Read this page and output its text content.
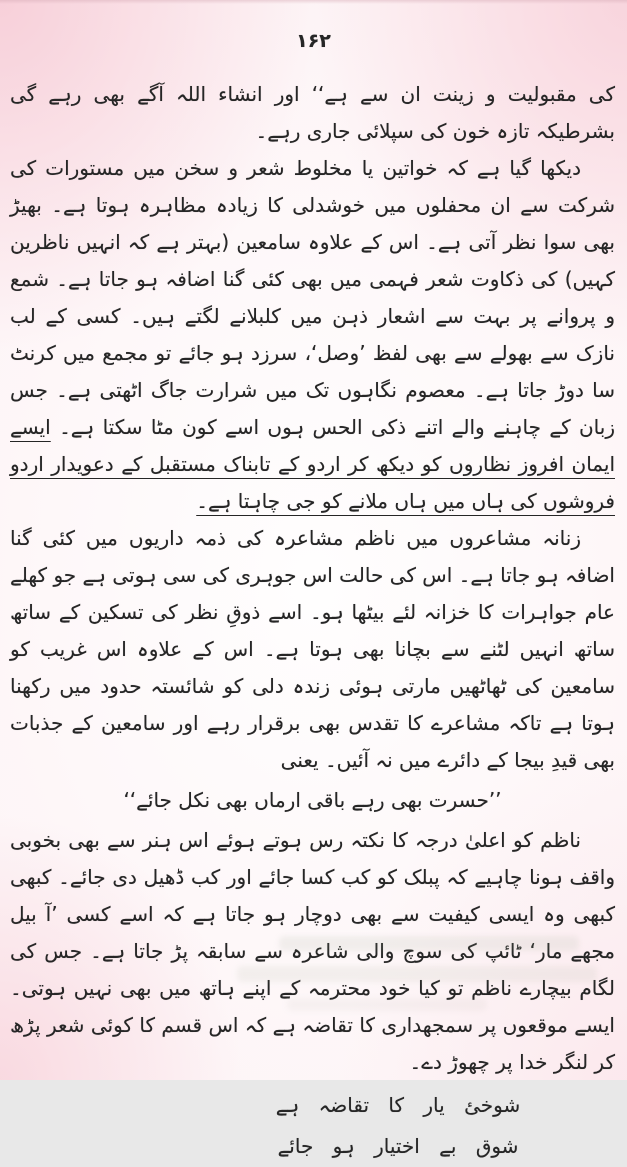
۱۶۲

کی مقبولیت و زینت ان سے ہے‘‘ اور انشاء اللہ آگے بھی رہے گی بشرطیکہ تازہ خون کی سپلائی جاری رہے۔

دیکھا گیا ہے کہ خواتین یا مخلوط شعر و سخن میں مستورات کی شرکت سے ان محفلوں میں خوشدلی کا زیادہ مظاہرہ ہوتا ہے۔ بھیڑ بھی سوا نظر آتی ہے۔ اس کے علاوہ سامعین (بہتر ہے کہ انہیں ناظرین کہیں) کی ذکاوت شعر فہمی میں بھی کئی گنا اضافہ ہو جاتا ہے۔ شمع و پروانے پر بہت سے اشعار ذہن میں کلبلانے لگتے ہیں۔ کسی کے لب نازک سے بھولے سے بھی لفظ ’وصل‘، سرزد ہو جائے تو مجمع میں کرنٹ سا دوڑ جاتا ہے۔ معصوم نگاہوں تک میں شرارت جاگ اٹھتی ہے۔ جس زبان کے چاہنے والے اتنے ذکی الحس ہوں اسے کون مٹا سکتا ہے۔ ایسے ایمان افروز نظاروں کو دیکھ کر اردو کے تابناک مستقبل کے دعویدار اردو فروشوں کی ہاں میں ہاں ملانے کو جی چاہتا ہے۔

زنانہ مشاعروں میں ناظم مشاعرہ کی ذمہ داریوں میں کئی گنا اضافہ ہو جاتا ہے۔ اس کی حالت اس جوہری کی سی ہوتی ہے جو کھلے عام جواہرات کا خزانہ لئے بیٹھا ہو۔ اسے ذوقِ نظر کی تسکین کے ساتھ ساتھ انہیں لٹنے سے بچانا بھی ہوتا ہے۔ اس کے علاوہ اس غریب کو سامعین کی ٹھاٹھیں مارتی ہوئی زندہ دلی کو شائستہ حدود میں رکھنا ہوتا ہے تاکہ مشاعرے کا تقدس بھی برقرار رہے اور سامعین کے جذبات بھی قیدِ بیجا کے دائرے میں نہ آئیں۔ یعنی

’’حسرت بھی رہے باقی ارماں بھی نکل جائے‘‘

ناظم کو اعلیٰ درجہ کا نکتہ رس ہوتے ہوئے اس ہنر سے بھی بخوبی واقف ہونا چاہیے کہ پبلک کو کب کسا جائے اور کب ڈھیل دی جائے۔ کبھی کبھی وہ ایسی کیفیت سے بھی دوچار ہو جاتا ہے کہ اسے کسی ’آ بیل مجھے مار‘ ٹائپ کی سوچ والی شاعرہ سے سابقہ پڑ جاتا ہے۔ جس کی لگام بیچارے ناظم تو کیا خود محترمہ کے اپنے ہاتھ میں بھی نہیں ہوتی۔ ایسے موقعوں پر سمجھداری کا تقاضہ ہے کہ اس قسم کا کوئی شعر پڑھ کر لنگر خدا پر چھوڑ دے۔

شوخئ یار کا تقاضہ ہے

شوق بے اختیار ہو جائے
